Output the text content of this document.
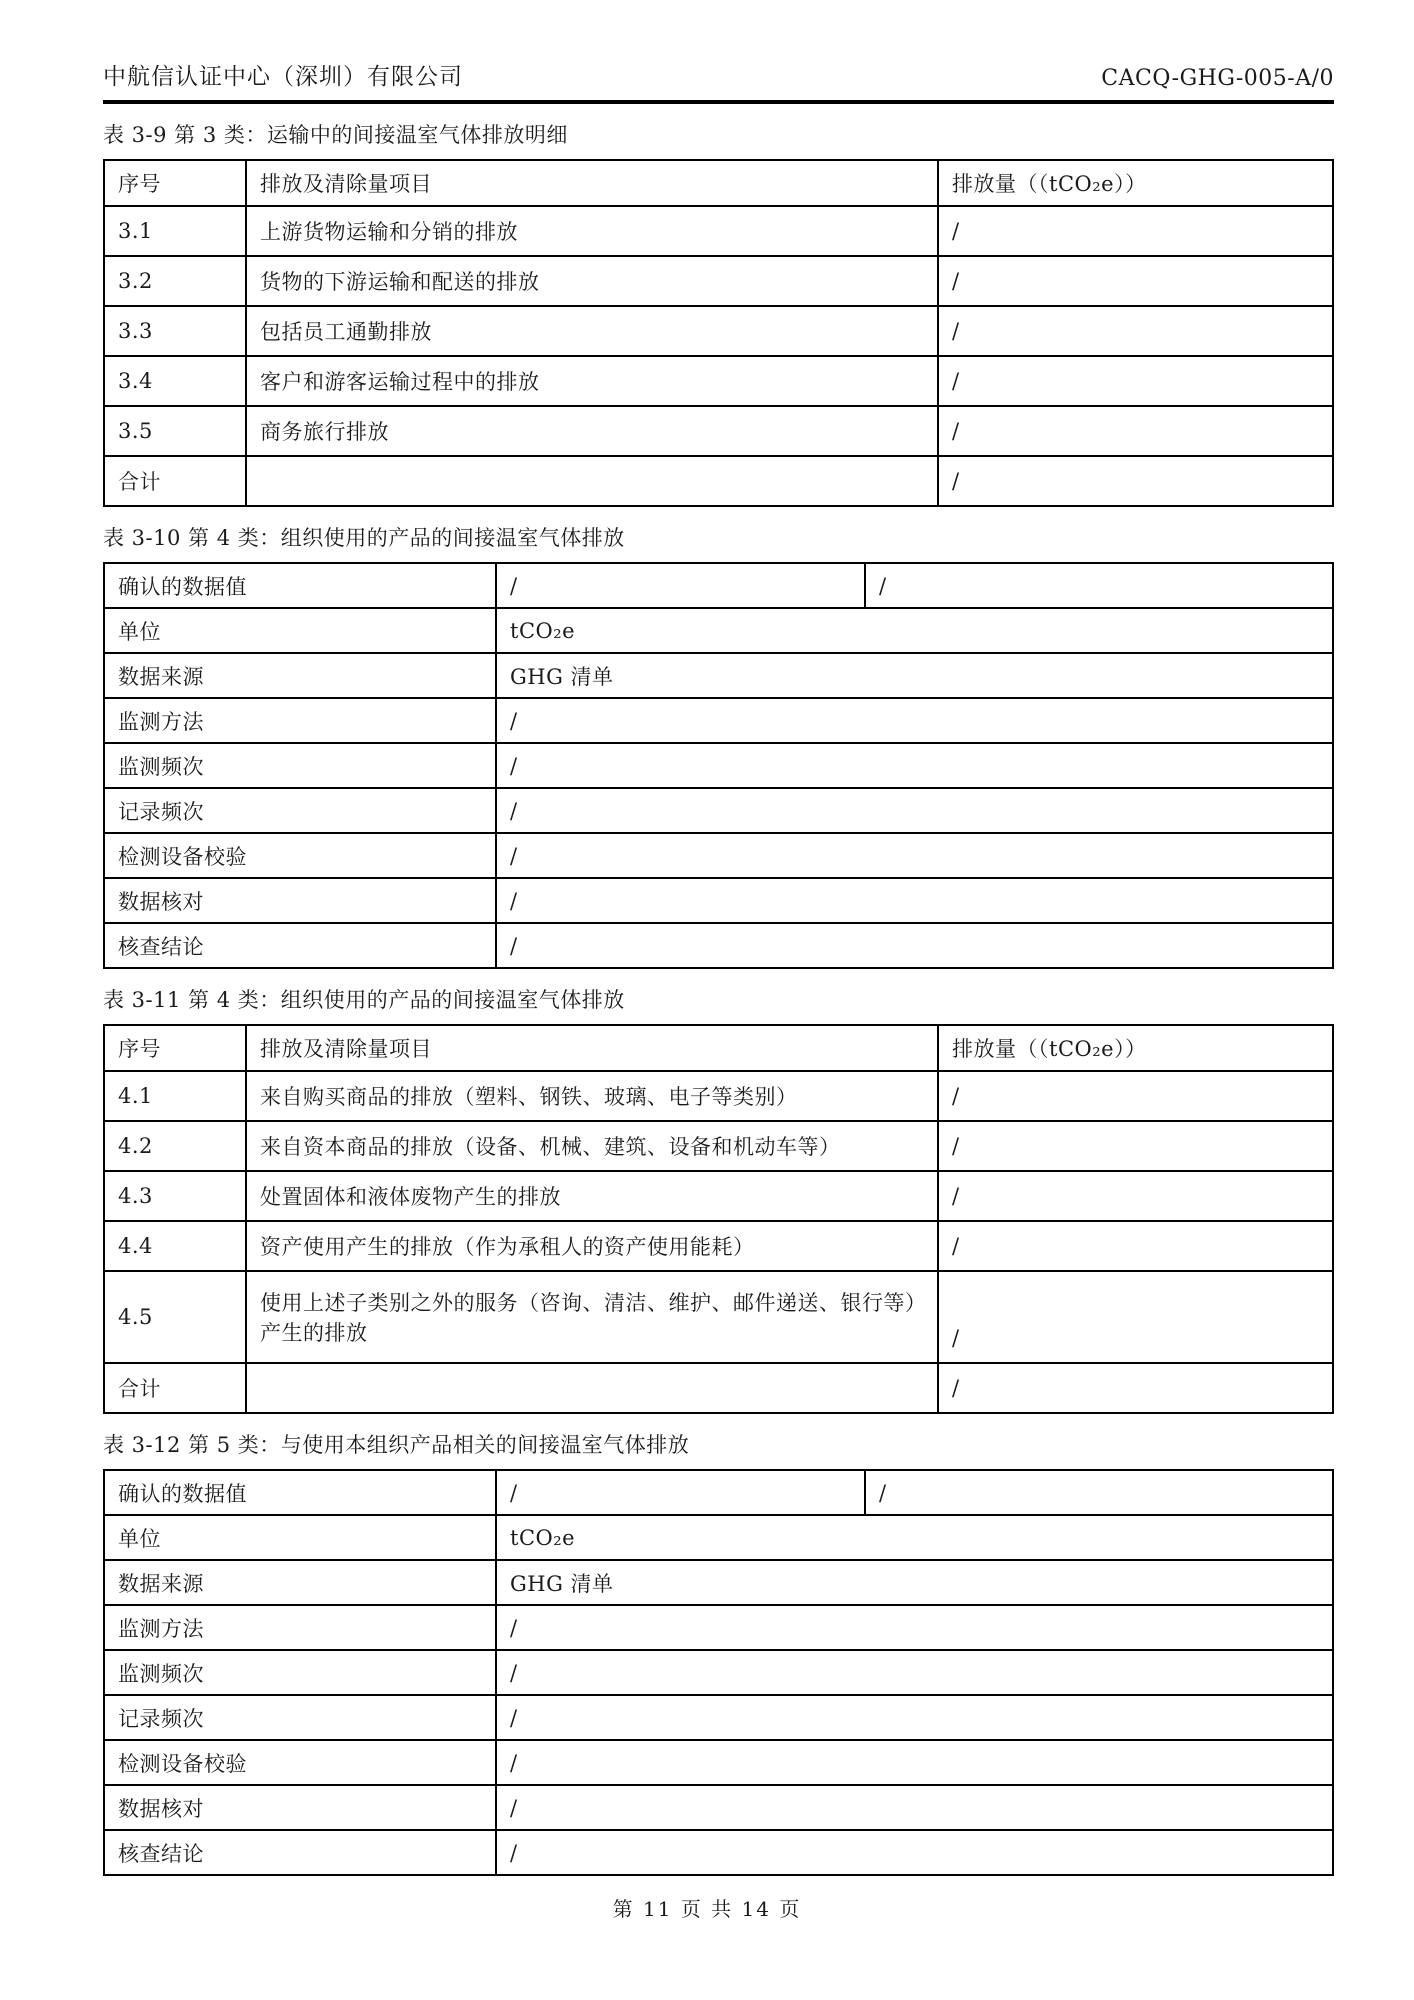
中航信认证中心（深圳）有限公司	CACQ-GHG-005-A/0
表 3-9 第 3 类：运输中的间接温室气体排放明细
序号	排放及清除量项目	排放量（（tCO₂e））
3.1	上游货物运输和分销的排放	/
3.2	货物的下游运输和配送的排放	/
3.3	包括员工通勤排放	/
3.4	客户和游客运输过程中的排放	/
3.5	商务旅行排放	/
合计		/
表 3-10 第 4 类：组织使用的产品的间接温室气体排放
确认的数据值	/	/
单位	tCO₂e	
数据来源	GHG 清单	
监测方法	/	
监测频次	/	
记录频次	/	
检测设备校验	/	
数据核对	/	
核查结论	/	
表 3-11 第 4 类：组织使用的产品的间接温室气体排放
序号	排放及清除量项目	排放量（（tCO₂e））
4.1	来自购买商品的排放（塑料、钢铁、玻璃、电子等类别）	/
4.2	来自资本商品的排放（设备、机械、建筑、设备和机动车等）	/
4.3	处置固体和液体废物产生的排放	/
4.4	资产使用产生的排放（作为承租人的资产使用能耗）	/
4.5	使用上述子类别之外的服务（咨询、清洁、维护、邮件递送、银行等）产生的排放	/
合计		/
表 3-12 第 5 类：与使用本组织产品相关的间接温室气体排放
确认的数据值	/	/
单位	tCO₂e	
数据来源	GHG 清单	
监测方法	/	
监测频次	/	
记录频次	/	
检测设备校验	/	
数据核对	/	
核查结论	/	
第 11 页 共 14 页
